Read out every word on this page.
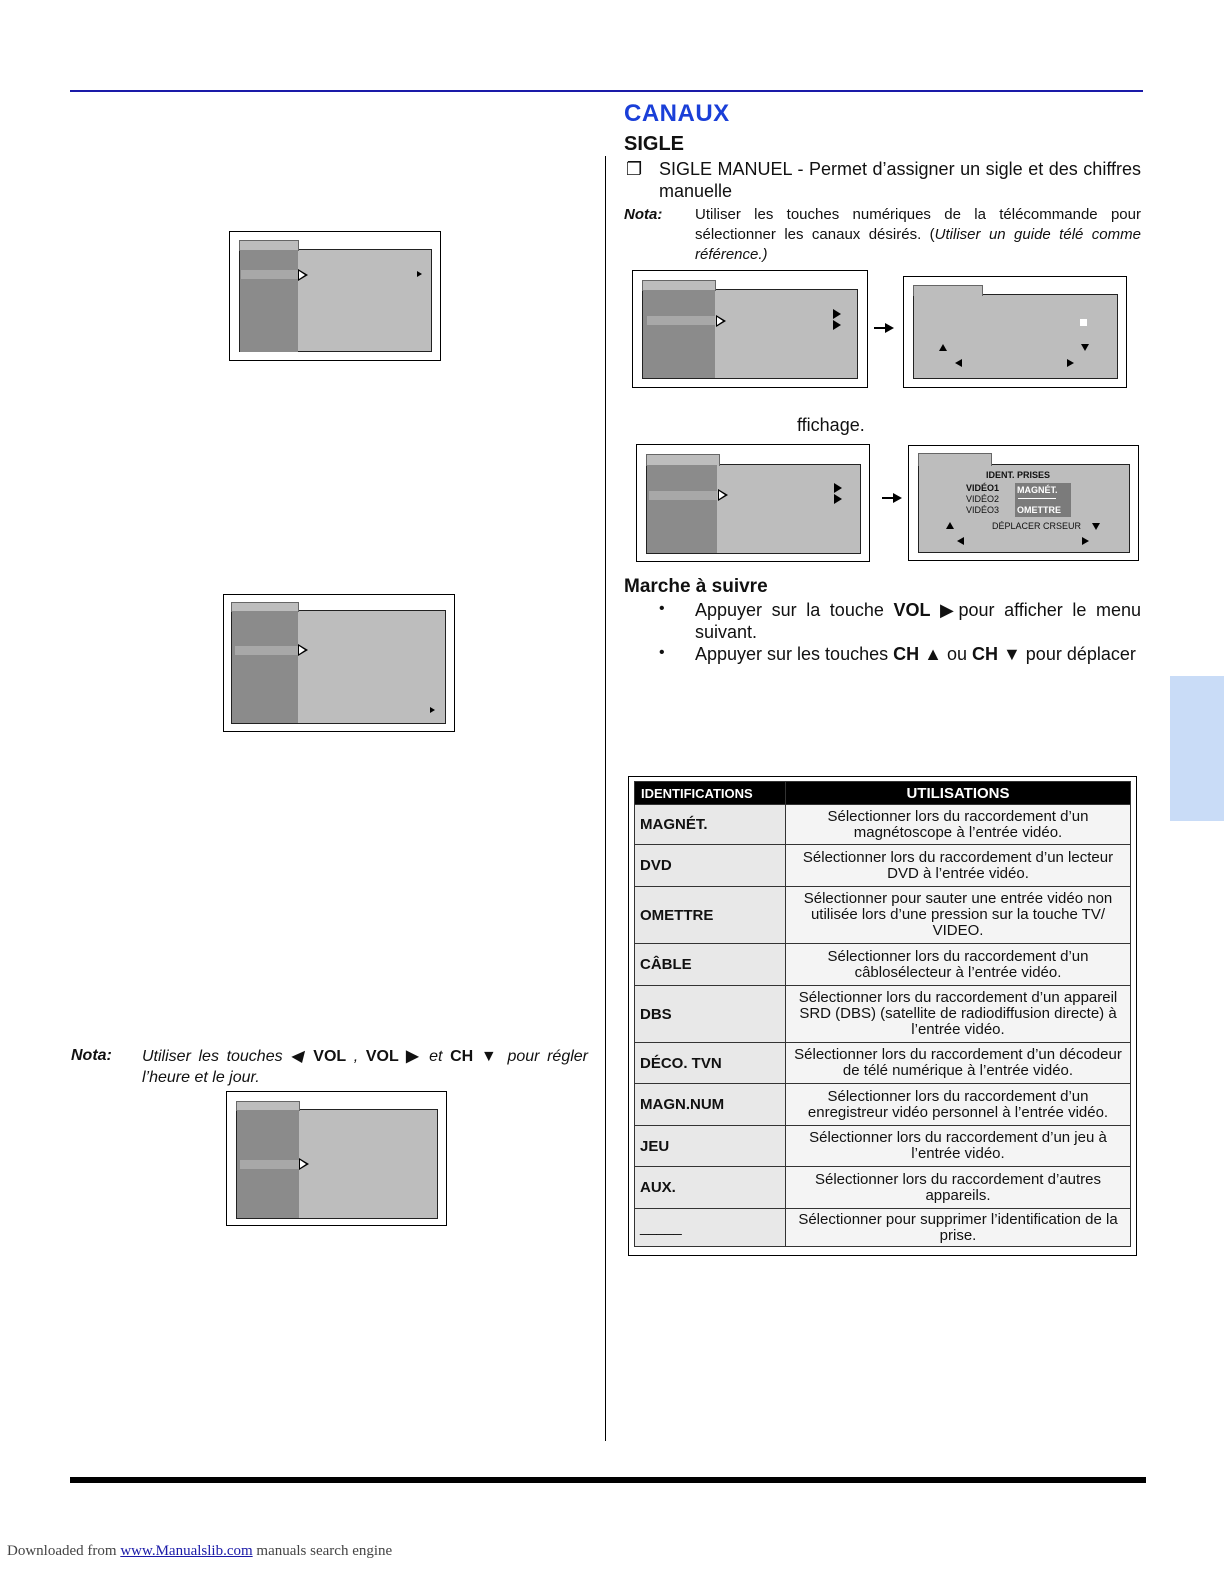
CANAUX
SIGLE
❐ SIGLE MANUEL - Permet d’assigner un sigle et des chiffres manuelle
Nota: Utiliser les touches numériques de la télécommande pour sélectionner les canaux désirés. (Utiliser un guide télé comme référence.)
ffichage.
IDENT. PRISES
VIDÉO1
VIDÉO2
VIDÉO3
MAGNÉT.
OMETTRE
DÉPLACER CRSEUR
Marche à suivre
• Appuyer sur la touche VOL ▶pour afficher le menu suivant.
• Appuyer sur les touches CH ▲ ou CH ▼ pour déplacer
IDENTIFICATIONS	UTILISATIONS
MAGNÉT.	Sélectionner lors du raccordement d’un magnétoscope à l’entrée vidéo.
DVD	Sélectionner lors du raccordement d’un lecteur DVD à l’entrée vidéo.
OMETTRE	Sélectionner pour sauter une entrée vidéo non utilisée lors d’une pression sur la touche TV/ VIDEO.
CÂBLE	Sélectionner lors du raccordement d’un câblosélecteur à l’entrée vidéo.
DBS	Sélectionner lors du raccordement d’un appareil SRD (DBS) (satellite de radiodiffusion directe) à l’entrée vidéo.
DÉCO. TVN	Sélectionner lors du raccordement d’un décodeur de télé numérique à l’entrée vidéo.
MAGN.NUM	Sélectionner lors du raccordement d’un enregistreur vidéo personnel à l’entrée vidéo.
JEU	Sélectionner lors du raccordement d’un jeu à l’entrée vidéo.
AUX.	Sélectionner lors du raccordement d’autres appareils.
_____	Sélectionner pour supprimer l’identification de la prise.
Nota: Utiliser les touches ◀ VOL , VOL ▶ et CH ▼ pour régler l’heure et le jour.
Downloaded from www.Manualslib.com manuals search engine
